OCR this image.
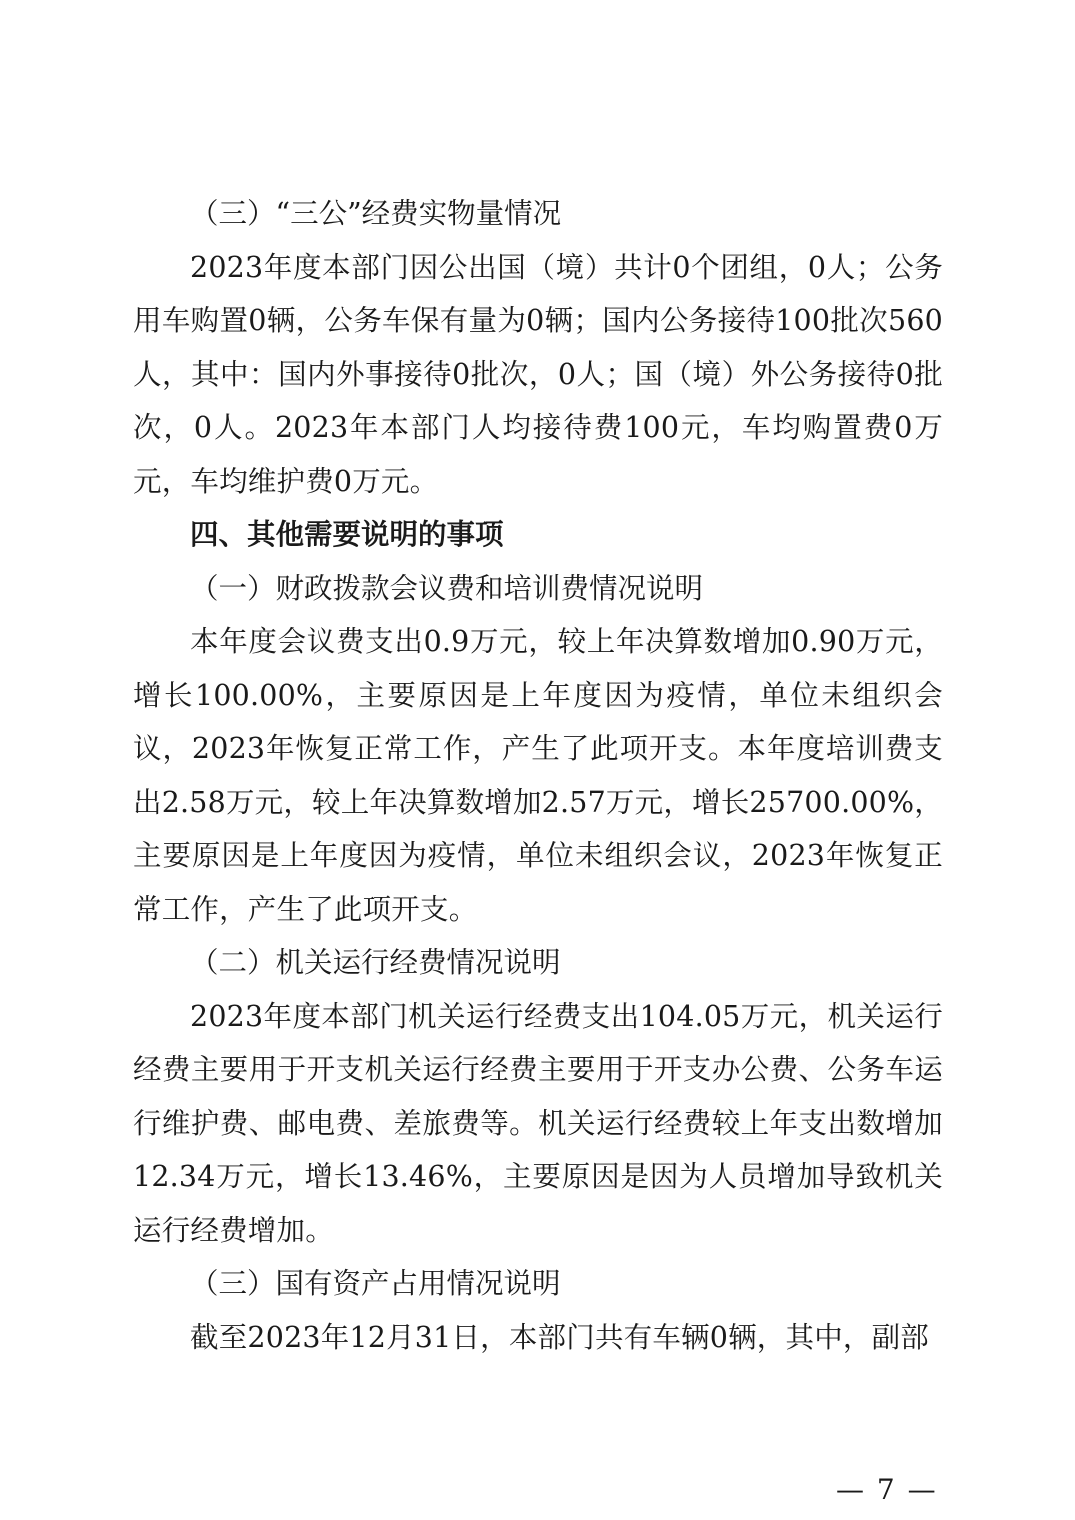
（三）“三公”经费实物量情况

2023年度本部门因公出国（境）共计0个团组，0人；公务用车购置0辆，公务车保有量为0辆；国内公务接待100批次560人，其中：国内外事接待0批次，0人；国（境）外公务接待0批次，0人。2023年本部门人均接待费100元，车均购置费0万元，车均维护费0万元。

四、其他需要说明的事项

（一）财政拨款会议费和培训费情况说明

本年度会议费支出0.9万元，较上年决算数增加0.90万元，增长100.00%，主要原因是上年度因为疫情，单位未组织会议，2023年恢复正常工作，产生了此项开支。本年度培训费支出2.58万元，较上年决算数增加2.57万元，增长25700.00%，主要原因是上年度因为疫情，单位未组织会议，2023年恢复正常工作，产生了此项开支。

（二）机关运行经费情况说明

2023年度本部门机关运行经费支出104.05万元，机关运行经费主要用于开支机关运行经费主要用于开支办公费、公务车运行维护费、邮电费、差旅费等。机关运行经费较上年支出数增加12.34万元，增长13.46%，主要原因是因为人员增加导致机关运行经费增加。

（三）国有资产占用情况说明

截至2023年12月31日，本部门共有车辆0辆，其中，副部

— 7 —
